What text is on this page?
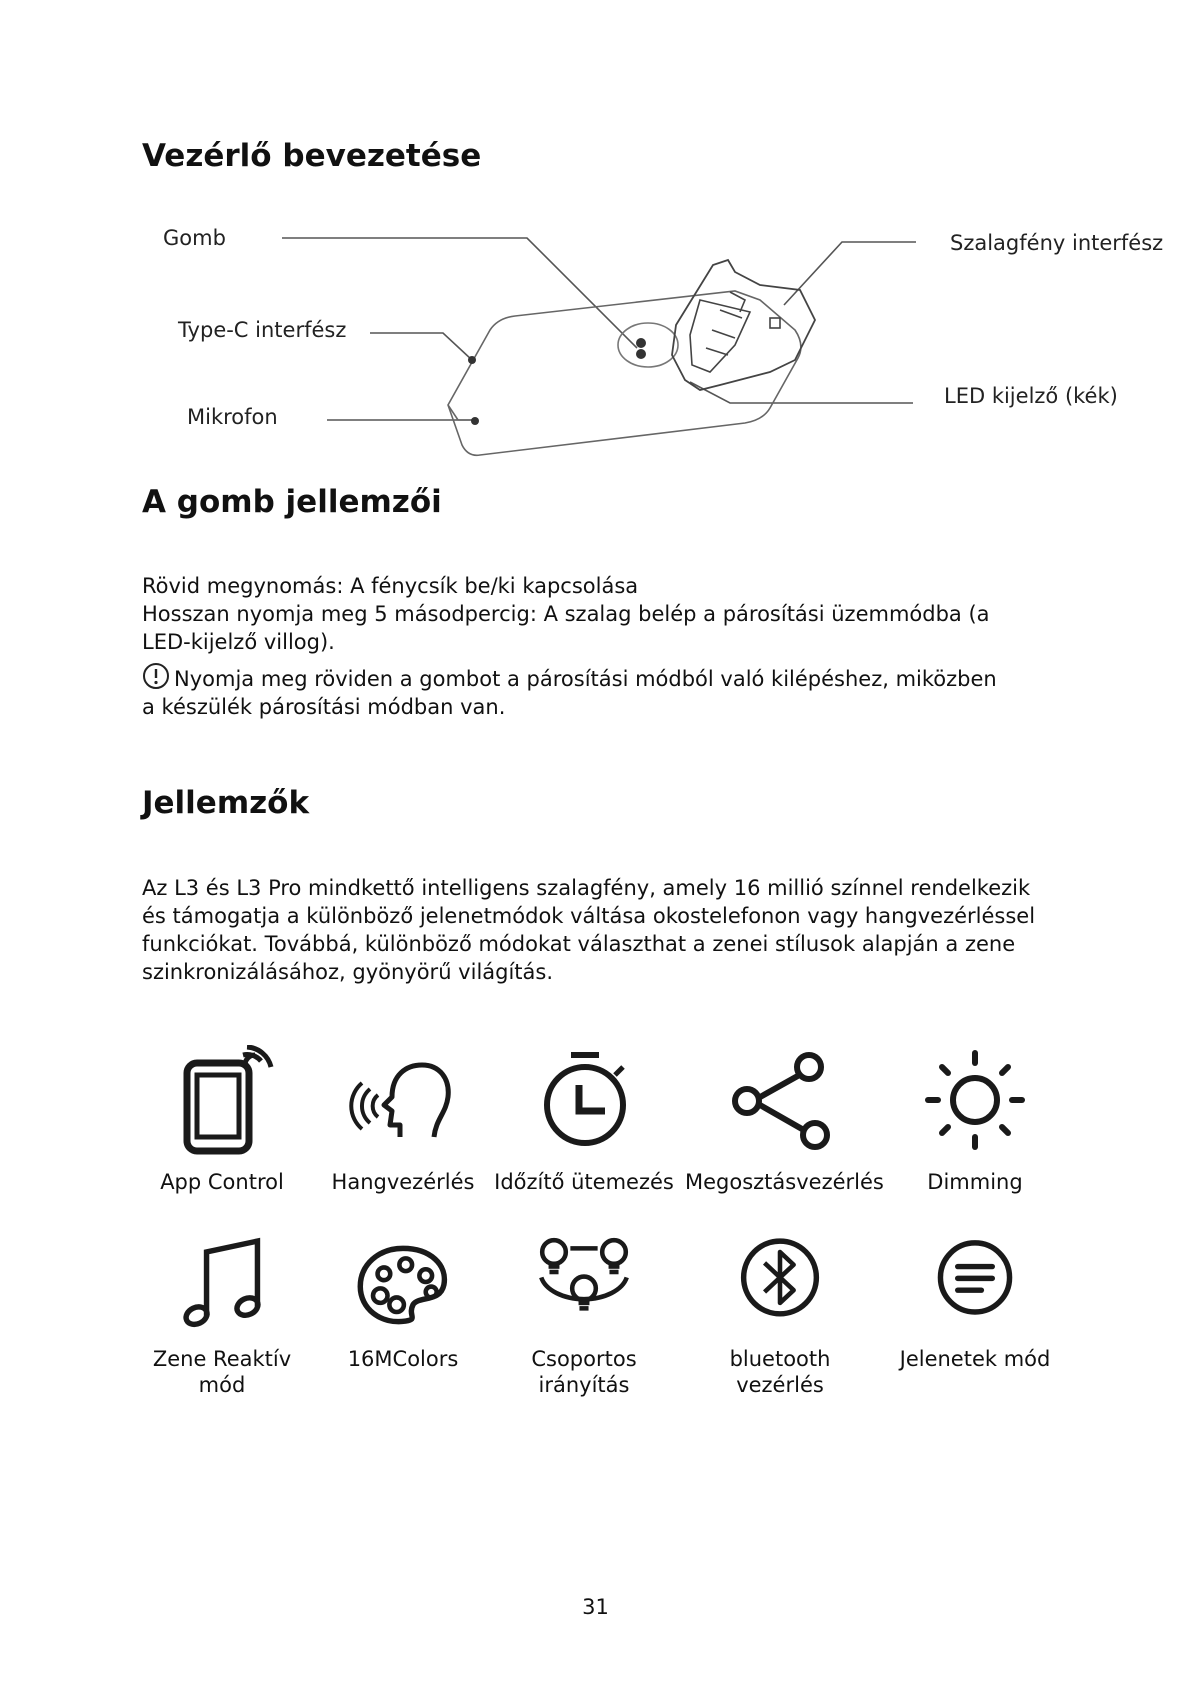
Vezérlő bevezetése
Gomb
Type-C interfész
Mikrofon
Szalagfény interfész
LED kijelző (kék)
A gomb jellemzői

Rövid megynomás: A fénycsík be/ki kapcsolása

Hosszan nyomja meg 5 másodpercig: A szalag belép a párosítási üzemmódba (a LED-kijelző villog).

Nyomja meg röviden a gombot a párosítási módból való kilépéshez, miközben a készülék párosítási módban van.

Jellemzők

Az L3 és L3 Pro mindkettő intelligens szalagfény, amely 16 millió színnel rendelkezik és támogatja a különböző jelenetmódok váltása okostelefonon vagy hangvezérléssel funkciókat. Továbbá, különböző módokat választhat a zenei stílusok alapján a zene szinkronizálásához, gyönyörű világítás.

App Control	Hangvezérlés Időzítő ütemezés Megosztásvezérlés	Dimming
Zene Reaktív mód
16MColors	Csoportos irányítás
bluetooth vezérlés
Jelenetek mód
31
